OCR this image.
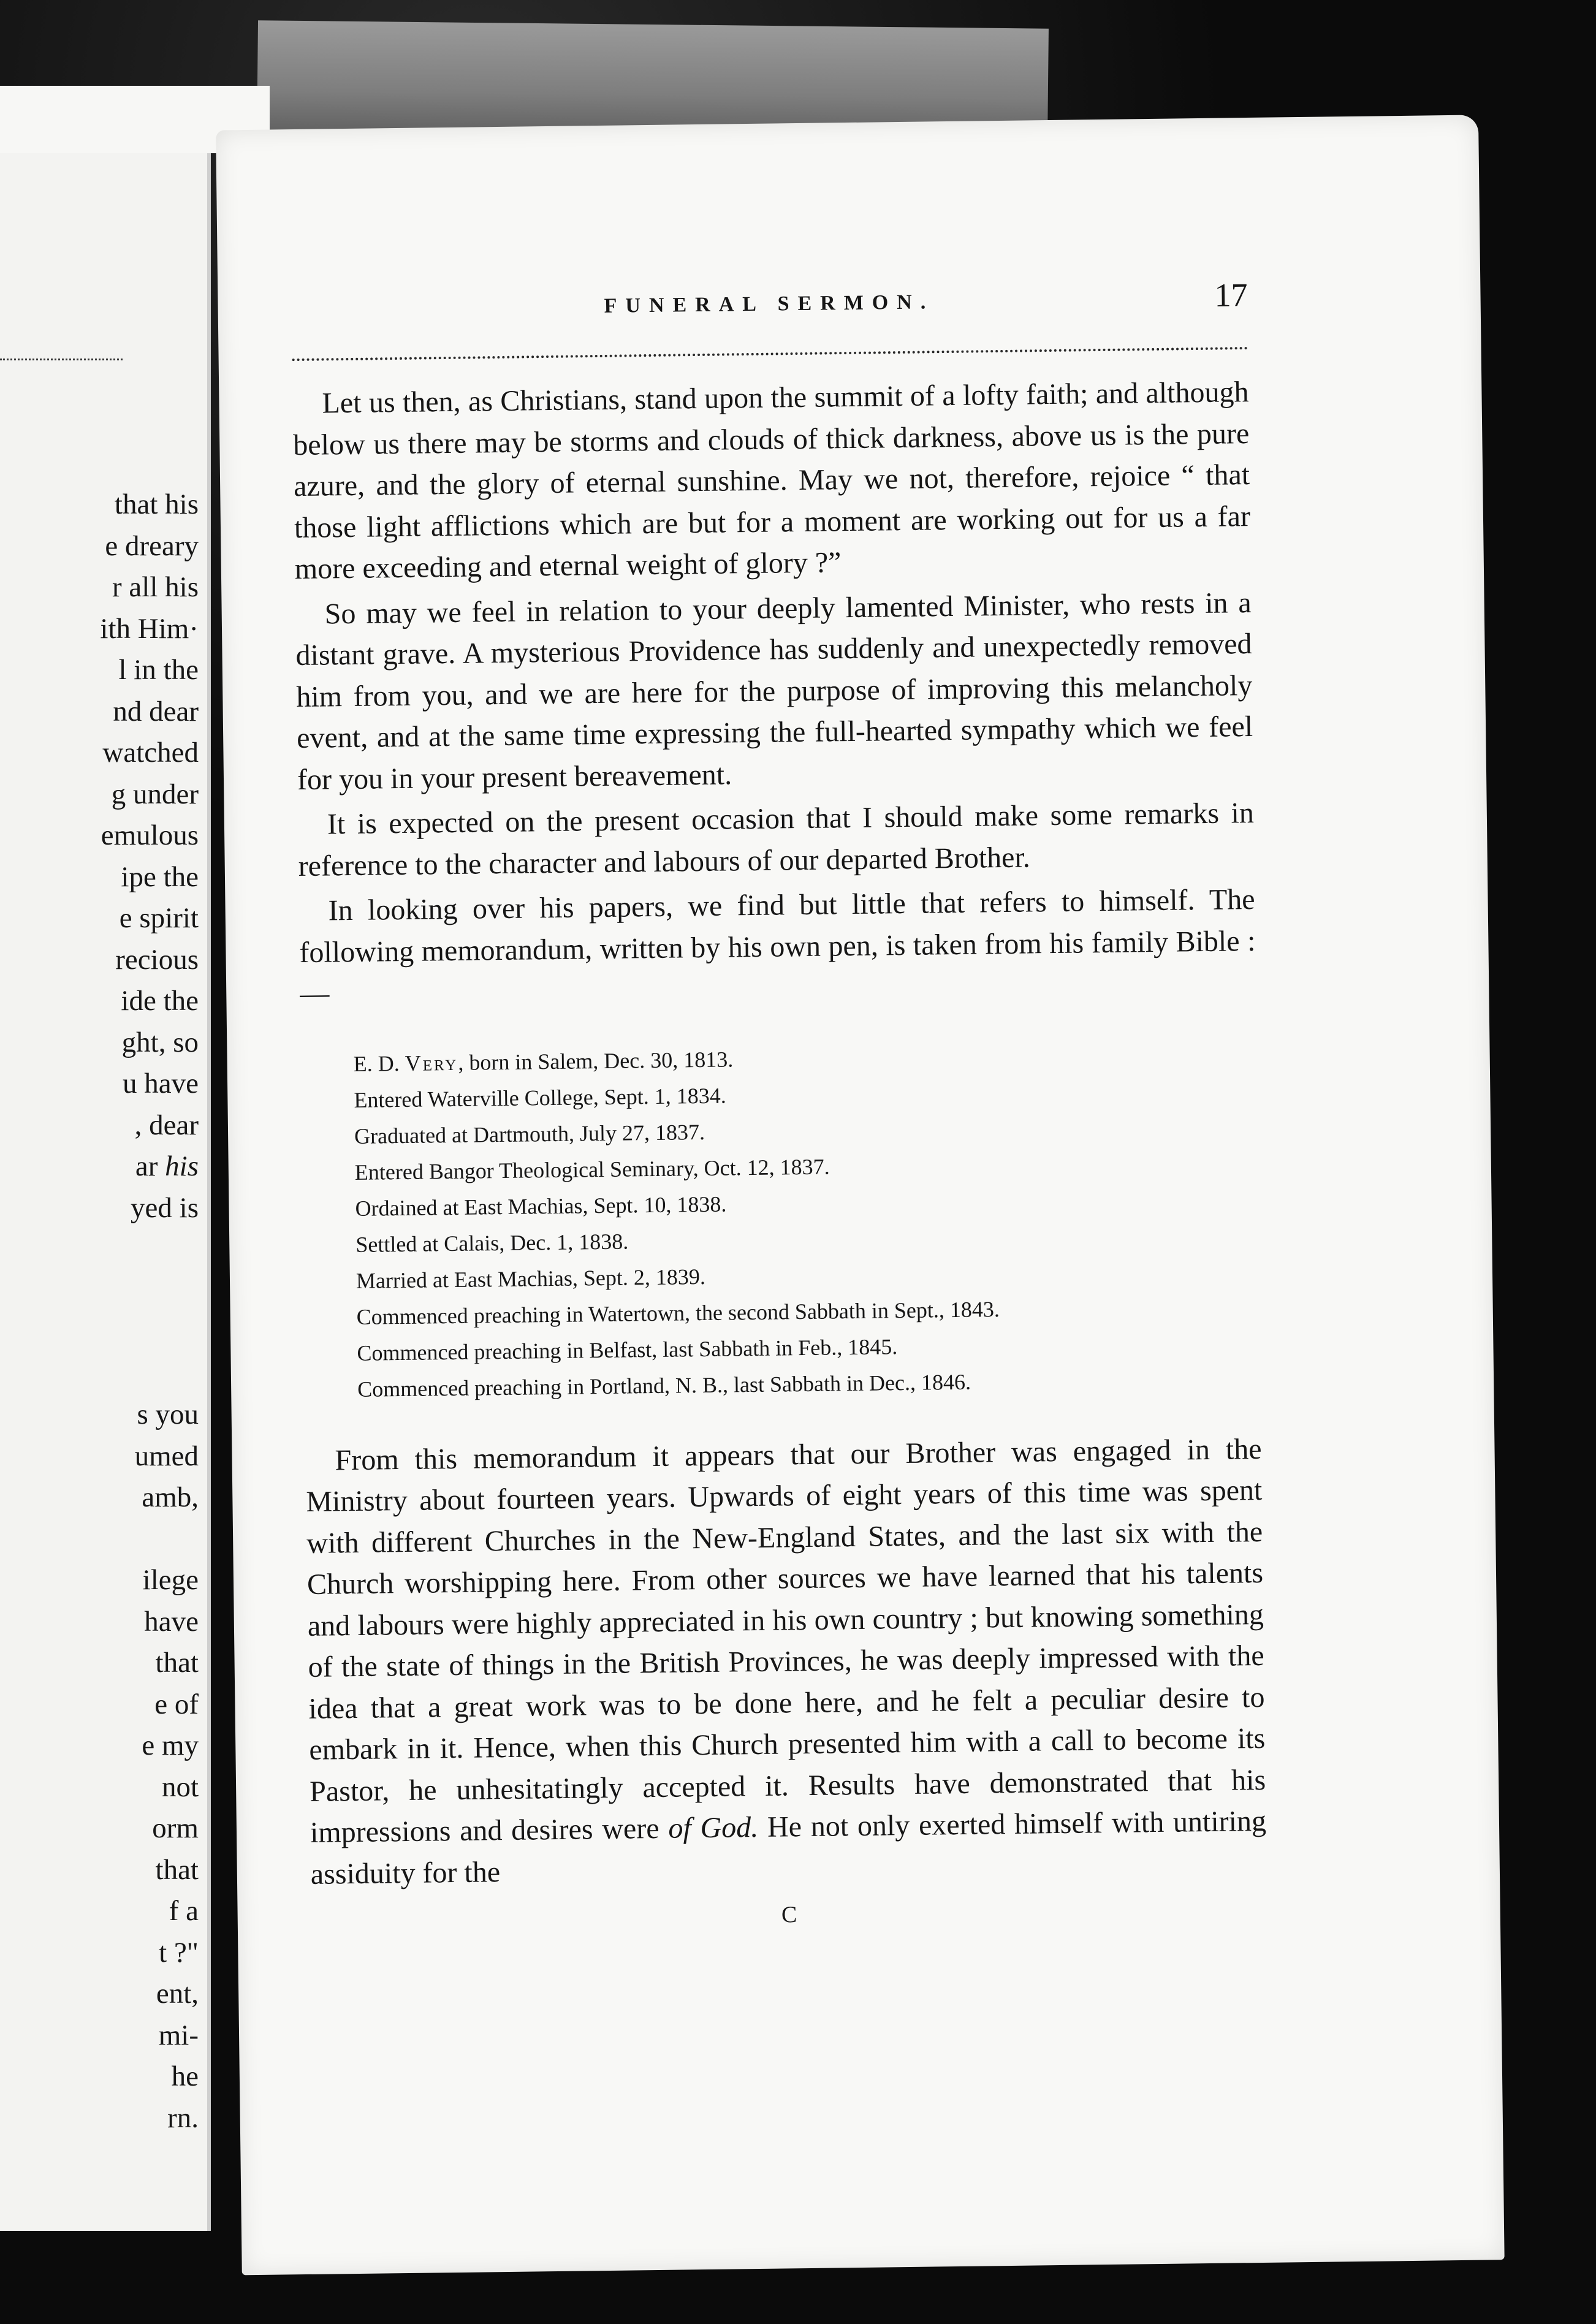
that his
e dreary
r all his
ith Him·
l in the
nd dear
watched
g under
emulous
ipe the
e spirit
recious
ide the
ght, so
u have
, dear
ar his
yed is
s you
umed
amb,
ilege
have
that
e of
e my
not
orm
that
f a
t ?"
ent,
mi-
he
rn.
FUNERAL SERMON.	17

Let us then, as Christians, stand upon the summit of a lofty faith; and although below us there may be storms and clouds of thick darkness, above us is the pure azure, and the glory of eternal sunshine. May we not, therefore, rejoice “ that those light afflictions which are but for a moment are working out for us a far more exceeding and eternal weight of glory ?”

So may we feel in relation to your deeply lamented Minister, who rests in a distant grave. A mysterious Providence has suddenly and unexpectedly removed him from you, and we are here for the purpose of improving this melancholy event, and at the same time expressing the full-hearted sympathy which we feel for you in your present bereavement.

It is expected on the present occasion that I should make some remarks in reference to the character and labours of our departed Brother.

In looking over his papers, we find but little that refers to himself. The following memorandum, written by his own pen, is taken from his family Bible :—

E. D. Very, born in Salem, Dec. 30, 1813.
Entered Waterville College, Sept. 1, 1834.
Graduated at Dartmouth, July 27, 1837.
Entered Bangor Theological Seminary, Oct. 12, 1837.
Ordained at East Machias, Sept. 10, 1838.
Settled at Calais, Dec. 1, 1838.
Married at East Machias, Sept. 2, 1839.
Commenced preaching in Watertown, the second Sabbath in Sept., 1843.
Commenced preaching in Belfast, last Sabbath in Feb., 1845.
Commenced preaching in Portland, N. B., last Sabbath in Dec., 1846.

From this memorandum it appears that our Brother was engaged in the Ministry about fourteen years. Upwards of eight years of this time was spent with different Churches in the New-England States, and the last six with the Church worshipping here. From other sources we have learned that his talents and labours were highly appreciated in his own country ; but knowing something of the state of things in the British Provinces, he was deeply impressed with the idea that a great work was to be done here, and he felt a peculiar desire to embark in it. Hence, when this Church presented him with a call to become its Pastor, he unhesitatingly accepted it. Results have demonstrated that his impressions and desires were of God. He not only exerted himself with untiring assiduity for the

C
